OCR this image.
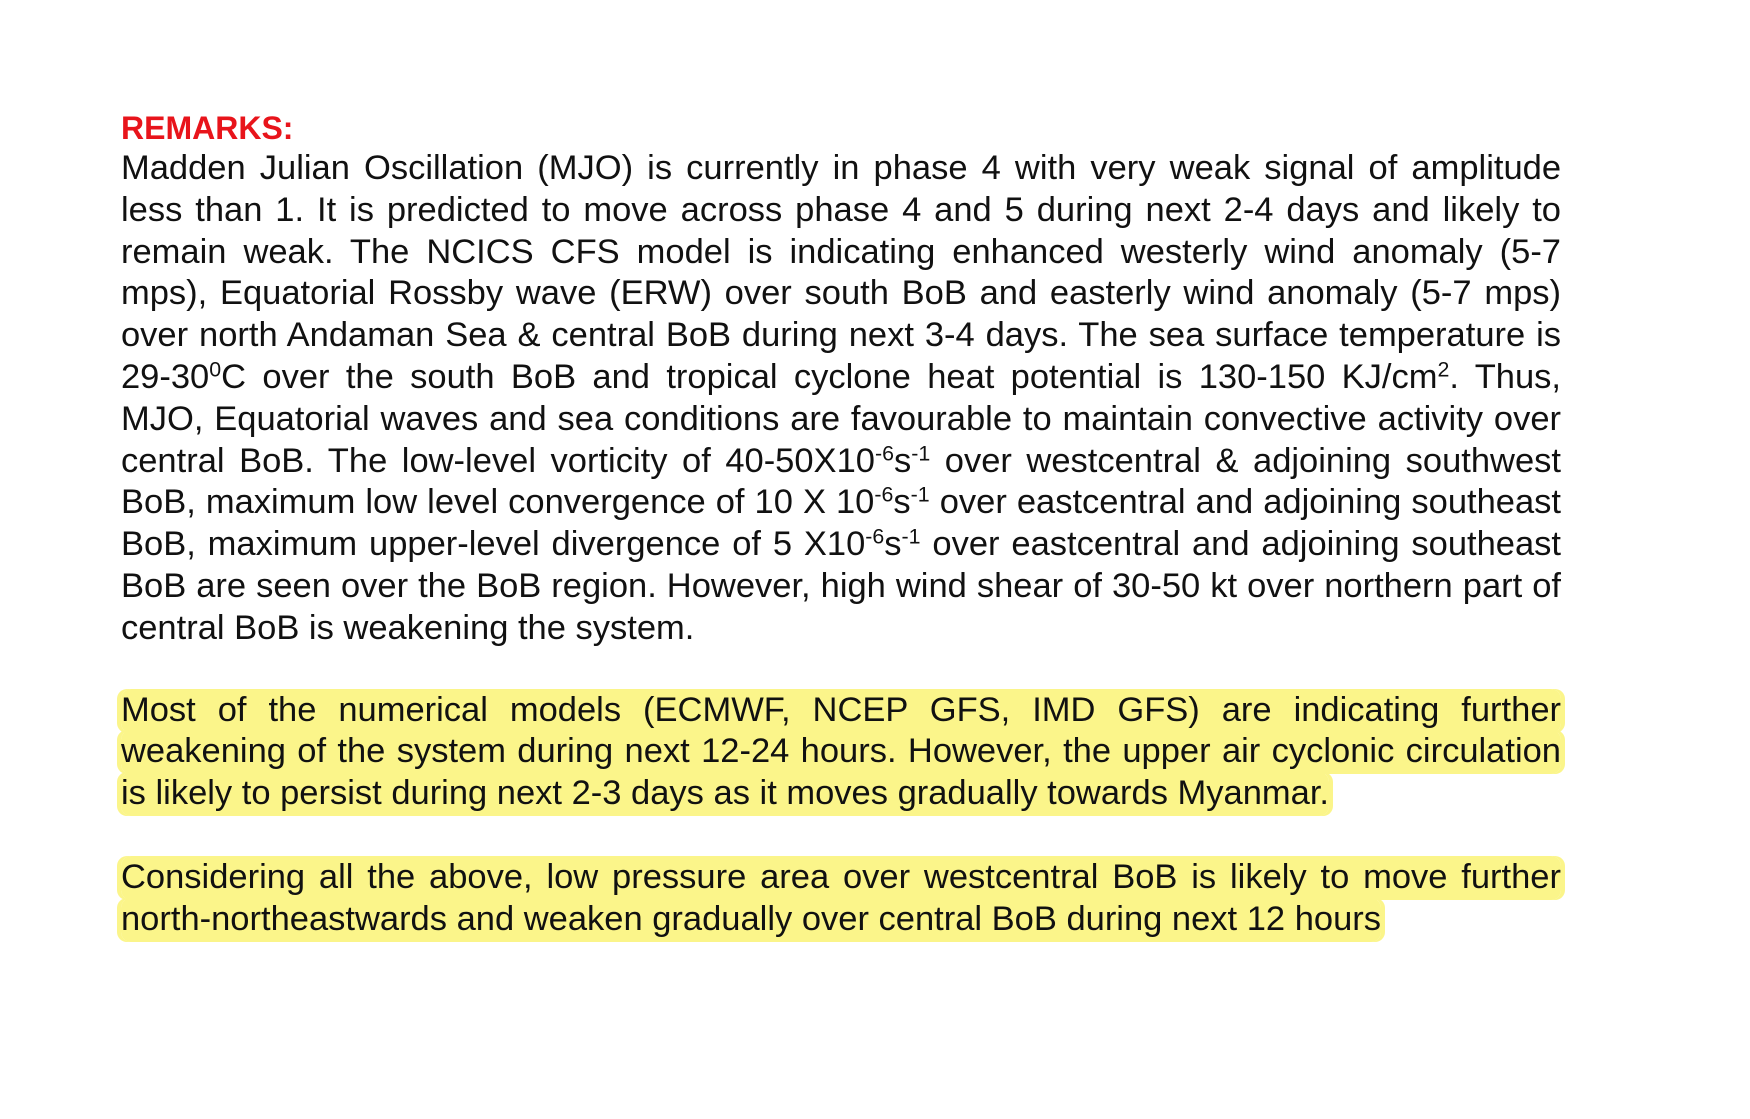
REMARKS:

Madden Julian Oscillation (MJO) is currently in phase 4 with very weak signal of amplitude less than 1. It is predicted to move across phase 4 and 5 during next 2-4 days and likely to remain weak. The NCICS CFS model is indicating enhanced westerly wind anomaly (5-7 mps), Equatorial Rossby wave (ERW) over south BoB and easterly wind anomaly (5-7 mps) over north Andaman Sea & central BoB during next 3-4 days. The sea surface temperature is $29-30^0C$ over the south BoB and tropical cyclone heat potential is 130-150 $KJ/cm^2$. Thus, MJO, Equatorial waves and sea conditions are favourable to maintain convective activity over central BoB. The low-level vorticity of $40-50X10^{-6}s^{-1}$ over westcentral & adjoining southwest BoB, maximum low level convergence of 10 X $10^{-6}s^{-1}$ over eastcentral and adjoining southeast BoB, maximum upper-level divergence of 5 $X10^{-6}s^{-1}$ over eastcentral and adjoining southeast BoB are seen over the BoB region. However, high wind shear of 30-50 kt over northern part of central BoB is weakening the system.

Most of the numerical models (ECMWF, NCEP GFS, IMD GFS) are indicating further weakening of the system during next 12-24 hours. However, the upper air cyclonic circulation is likely to persist during next 2-3 days as it moves gradually towards Myanmar.

Considering all the above, low pressure area over westcentral BoB is likely to move further north-northeastwards and weaken gradually over central BoB during next 12 hours
